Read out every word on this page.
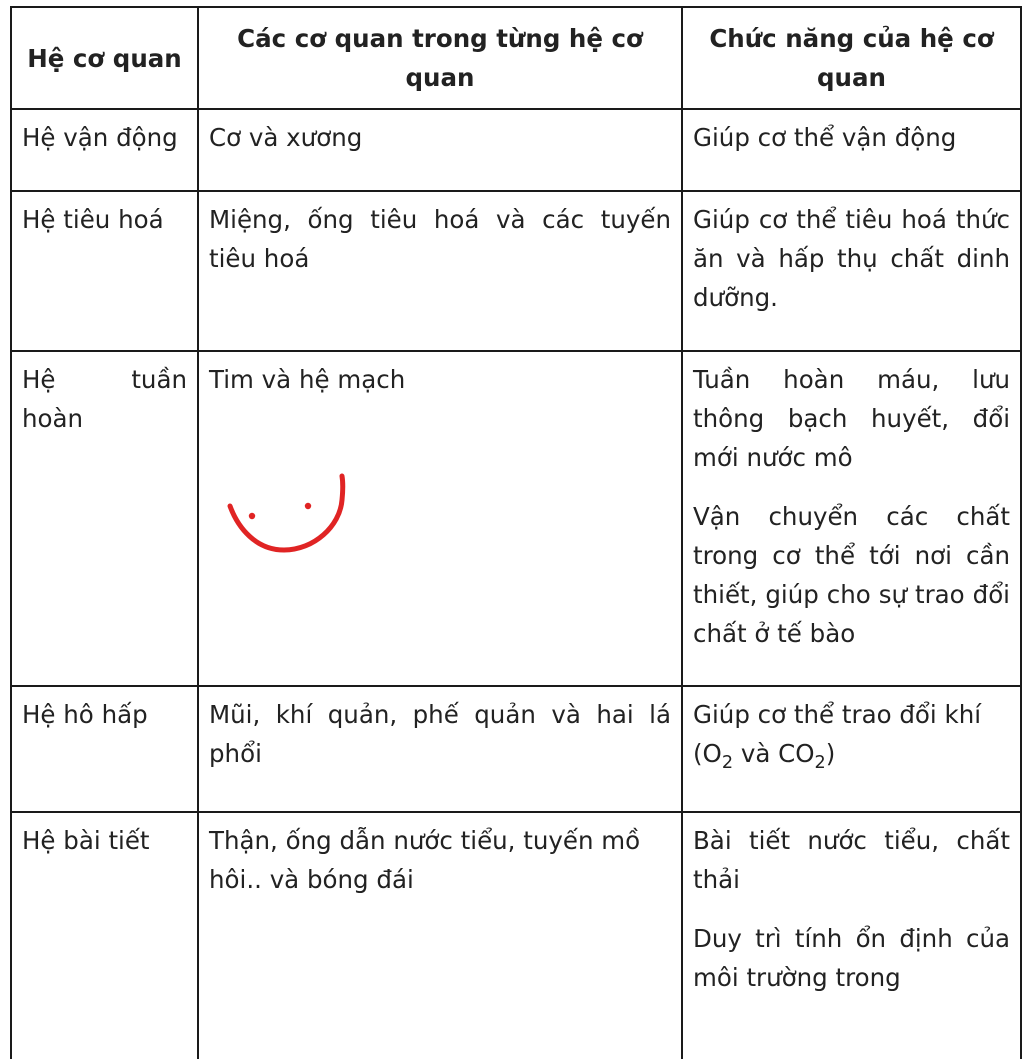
Hệ cơ quan	Các cơ quan trong từng hệ cơ quan	Chức năng của hệ cơ quan
Hệ vận động	Cơ và xương	Giúp cơ thể vận động

Hệ tiêu hoá	Miệng, ống tiêu hoá và các tuyến tiêu hoá	Giúp cơ thể tiêu hoá thức ăn và hấp thụ chất dinh dưỡng.

Hệ tuần hoàn	Tim và hệ mạch	Tuần hoàn máu, lưu thông bạch huyết, đổi mới nước mô

Vận chuyển các chất trong cơ thể tới nơi cần thiết, giúp cho sự trao đổi chất ở tế bào

Hệ hô hấp	Mũi, khí quản, phế quản và hai lá phổi	Giúp cơ thể trao đổi khí ($O_2$ và $CO_2$)

Hệ bài tiết	Thận, ống dẫn nước tiểu, tuyến mồ hôi.. và bóng đái	Bài tiết nước tiểu, chất thải

Duy trì tính ổn định của môi trường trong
